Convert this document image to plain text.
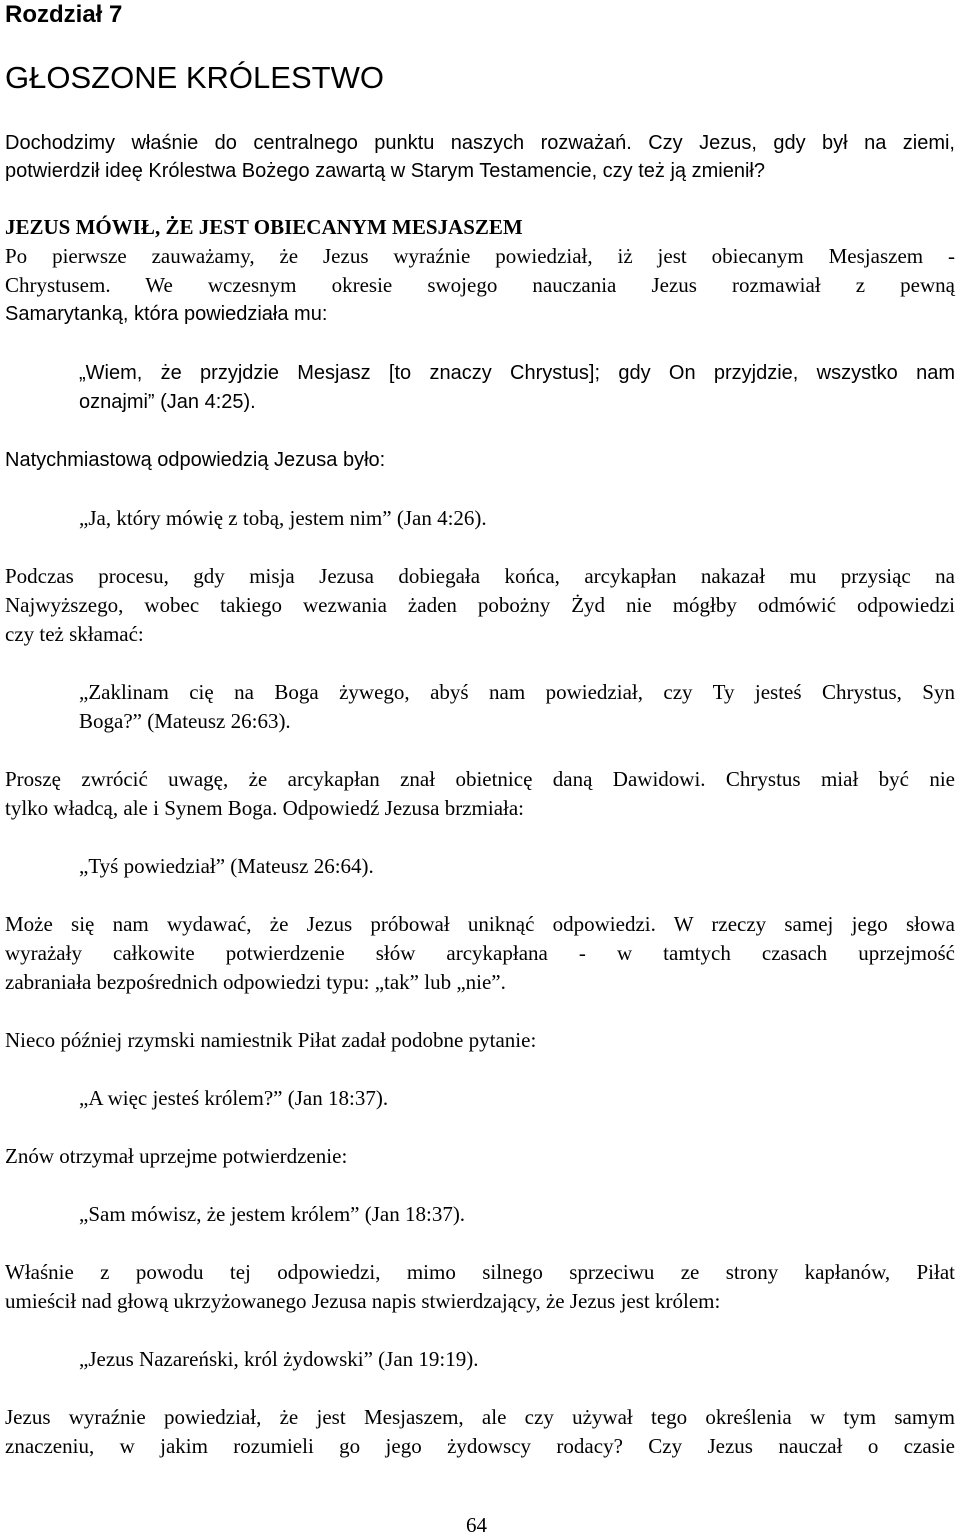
Rozdział 7
GŁOSZONE KRÓLESTWO
Dochodzimy właśnie do centralnego punktu naszych rozważań. Czy Jezus, gdy był na ziemi,
potwierdził ideę Królestwa Bożego zawartą w Starym Testamencie, czy też ją zmienił?
JEZUS MÓWIŁ, ŻE JEST OBIECANYM MESJASZEM
Po pierwsze zauważamy, że Jezus wyraźnie powiedział, iż jest obiecanym Mesjaszem -
Chrystusem. We wczesnym okresie swojego nauczania Jezus rozmawiał z pewną
Samarytanką, która powiedziała mu:
„Wiem, że przyjdzie Mesjasz [to znaczy Chrystus]; gdy On przyjdzie, wszystko nam
oznajmi” (Jan 4:25).
Natychmiastową odpowiedzią Jezusa było:
„Ja, który mówię z tobą, jestem nim” (Jan 4:26).
Podczas procesu, gdy misja Jezusa dobiegała końca, arcykapłan nakazał mu przysiąc na
Najwyższego, wobec takiego wezwania żaden pobożny Żyd nie mógłby odmówić odpowiedzi
czy też skłamać:
„Zaklinam cię na Boga żywego, abyś nam powiedział, czy Ty jesteś Chrystus, Syn
Boga?” (Mateusz 26:63).
Proszę zwrócić uwagę, że arcykapłan znał obietnicę daną Dawidowi. Chrystus miał być nie
tylko władcą, ale i Synem Boga. Odpowiedź Jezusa brzmiała:
„Tyś powiedział” (Mateusz 26:64).
Może się nam wydawać, że Jezus próbował uniknąć odpowiedzi. W rzeczy samej jego słowa
wyrażały całkowite potwierdzenie słów arcykapłana - w tamtych czasach uprzejmość
zabraniała bezpośrednich odpowiedzi typu: „tak” lub „nie”.
Nieco później rzymski namiestnik Piłat zadał podobne pytanie:
„A więc jesteś królem?” (Jan 18:37).
Znów otrzymał uprzejme potwierdzenie:
„Sam mówisz, że jestem królem” (Jan 18:37).
Właśnie z powodu tej odpowiedzi, mimo silnego sprzeciwu ze strony kapłanów, Piłat
umieścił nad głową ukrzyżowanego Jezusa napis stwierdzający, że Jezus jest królem:
„Jezus Nazareński, król żydowski” (Jan 19:19).
Jezus wyraźnie powiedział, że jest Mesjaszem, ale czy używał tego określenia w tym samym
znaczeniu, w jakim rozumieli go jego żydowscy rodacy? Czy Jezus nauczał o czasie
64
